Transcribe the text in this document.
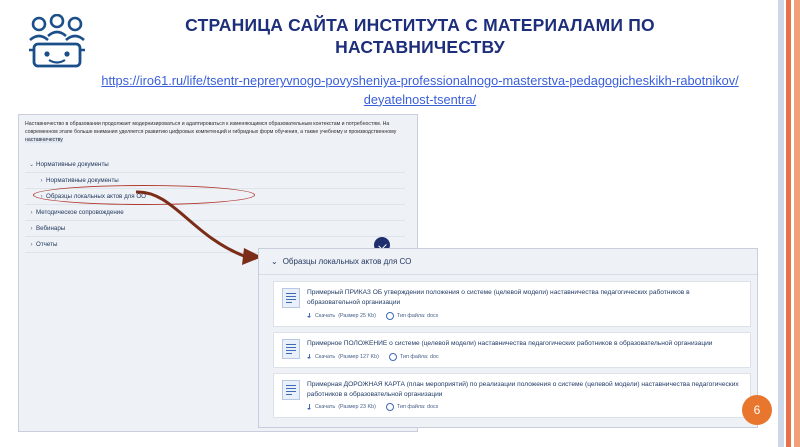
СТРАНИЦА САЙТА ИНСТИТУТА С МАТЕРИАЛАМИ ПО НАСТАВНИЧЕСТВУ
https://iro61.ru/life/tsentr-nepreryvnogo-povysheniya-professionalnogo-masterstva-pedagogicheskikh-rabotnikov/deyatelnost-tsentra/
Наставничество в образовании продолжает модернизироваться и адаптироваться к изменяющимся образовательным контекстам и потребностям. На современном этапе больше внимания уделяется развитию цифровых компетенций и гибридных форм обучения, а также учебному и производственному наставничеству
⌄ Нормативные документы
› Нормативные документы
› Образцы локальных актов для ОО
› Методическое сопровождение
› Вебинары
› Отчеты
⌄ Образцы локальных актов для СО
Примерный ПРИКАЗ ОБ утверждении положения о системе (целевой модели) наставничества педагогических работников в образовательной организации
Скачать (Размер 25 Kb)	Тип файла: docx
Примерное ПОЛОЖЕНИЕ о системе (целевой модели) наставничества педагогических работников в образовательной организации
Скачать (Размер 127 Kb)	Тип файла: doc
Примерная ДОРОЖНАЯ КАРТА (план мероприятий) по реализации положения о системе (целевой модели) наставничества педагогических работников в образовательной организации
Скачать (Размер 23 Kb)	Тип файла: docx	6
